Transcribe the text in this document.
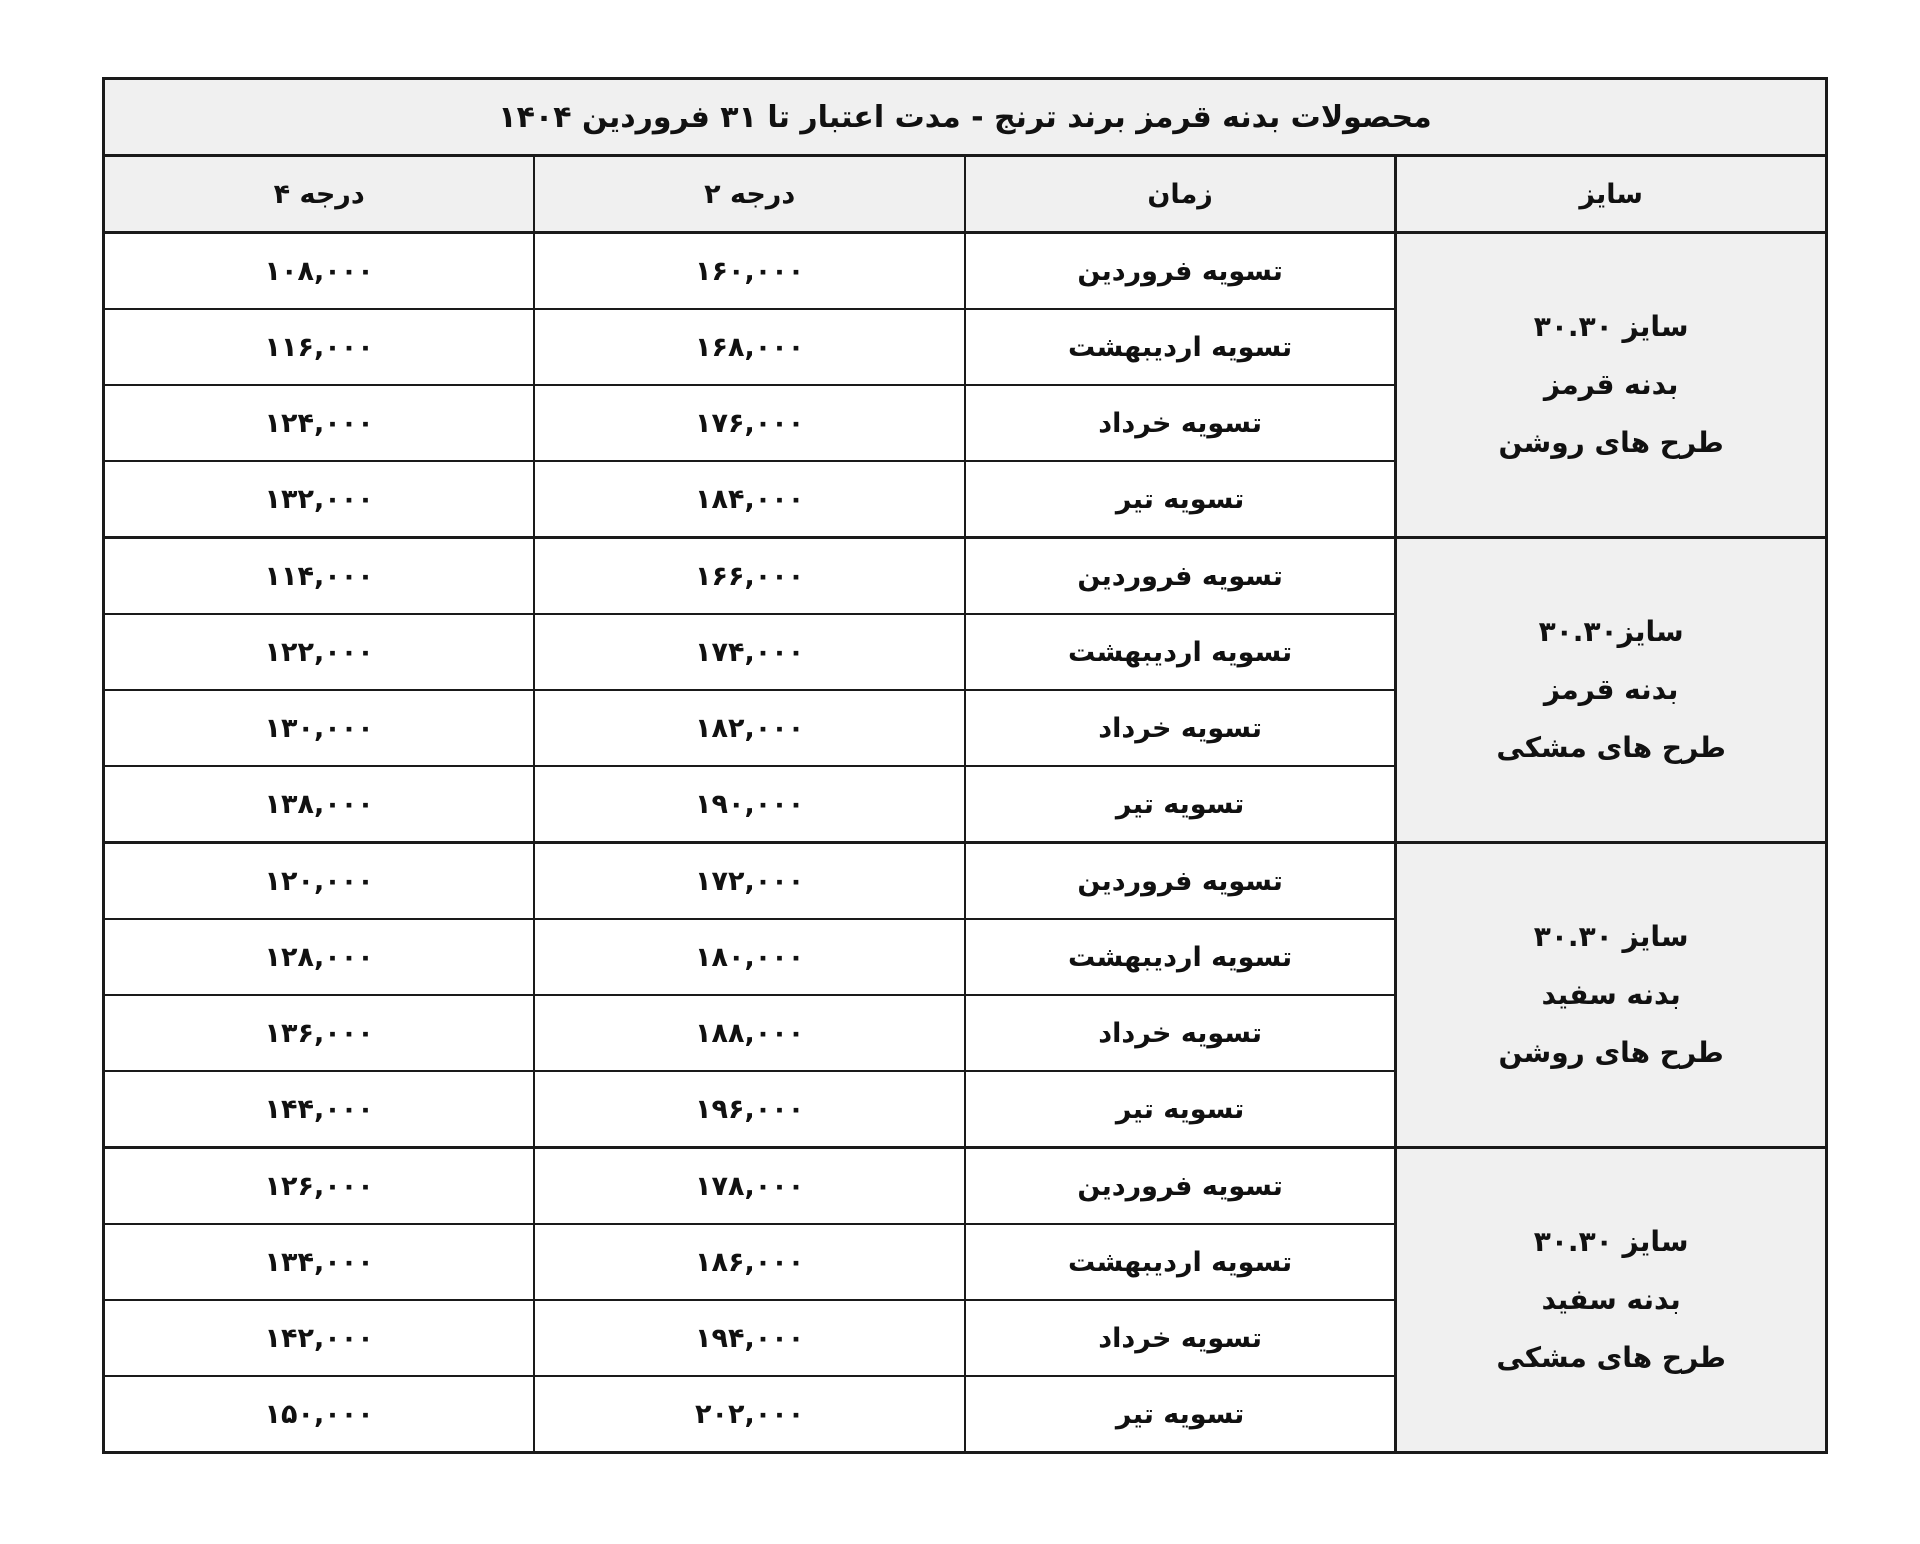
محصولات بدنه قرمز برند ترنج - مدت اعتبار تا ۳۱ فروردین ۱۴۰۴			
سایز	زمان	درجه ۲	درجه ۴

سایز ۳۰.۳۰
بدنه قرمز
طرح های روشن	تسویه فروردین	۱۶۰,۰۰۰	۱۰۸,۰۰۰
	تسویه اردیبهشت	۱۶۸,۰۰۰	۱۱۶,۰۰۰
	تسویه خرداد	۱۷۶,۰۰۰	۱۲۴,۰۰۰
	تسویه تیر	۱۸۴,۰۰۰	۱۳۲,۰۰۰

سایز۳۰.۳۰
بدنه قرمز
طرح های مشکی	تسویه فروردین	۱۶۶,۰۰۰	۱۱۴,۰۰۰
	تسویه اردیبهشت	۱۷۴,۰۰۰	۱۲۲,۰۰۰
	تسویه خرداد	۱۸۲,۰۰۰	۱۳۰,۰۰۰
	تسویه تیر	۱۹۰,۰۰۰	۱۳۸,۰۰۰

سایز ۳۰.۳۰
بدنه سفید
طرح های روشن	تسویه فروردین	۱۷۲,۰۰۰	۱۲۰,۰۰۰
	تسویه اردیبهشت	۱۸۰,۰۰۰	۱۲۸,۰۰۰
	تسویه خرداد	۱۸۸,۰۰۰	۱۳۶,۰۰۰
	تسویه تیر	۱۹۶,۰۰۰	۱۴۴,۰۰۰

سایز ۳۰.۳۰
بدنه سفید
طرح های مشکی	تسویه فروردین	۱۷۸,۰۰۰	۱۲۶,۰۰۰
	تسویه اردیبهشت	۱۸۶,۰۰۰	۱۳۴,۰۰۰
	تسویه خرداد	۱۹۴,۰۰۰	۱۴۲,۰۰۰
	تسویه تیر	۲۰۲,۰۰۰	۱۵۰,۰۰۰
